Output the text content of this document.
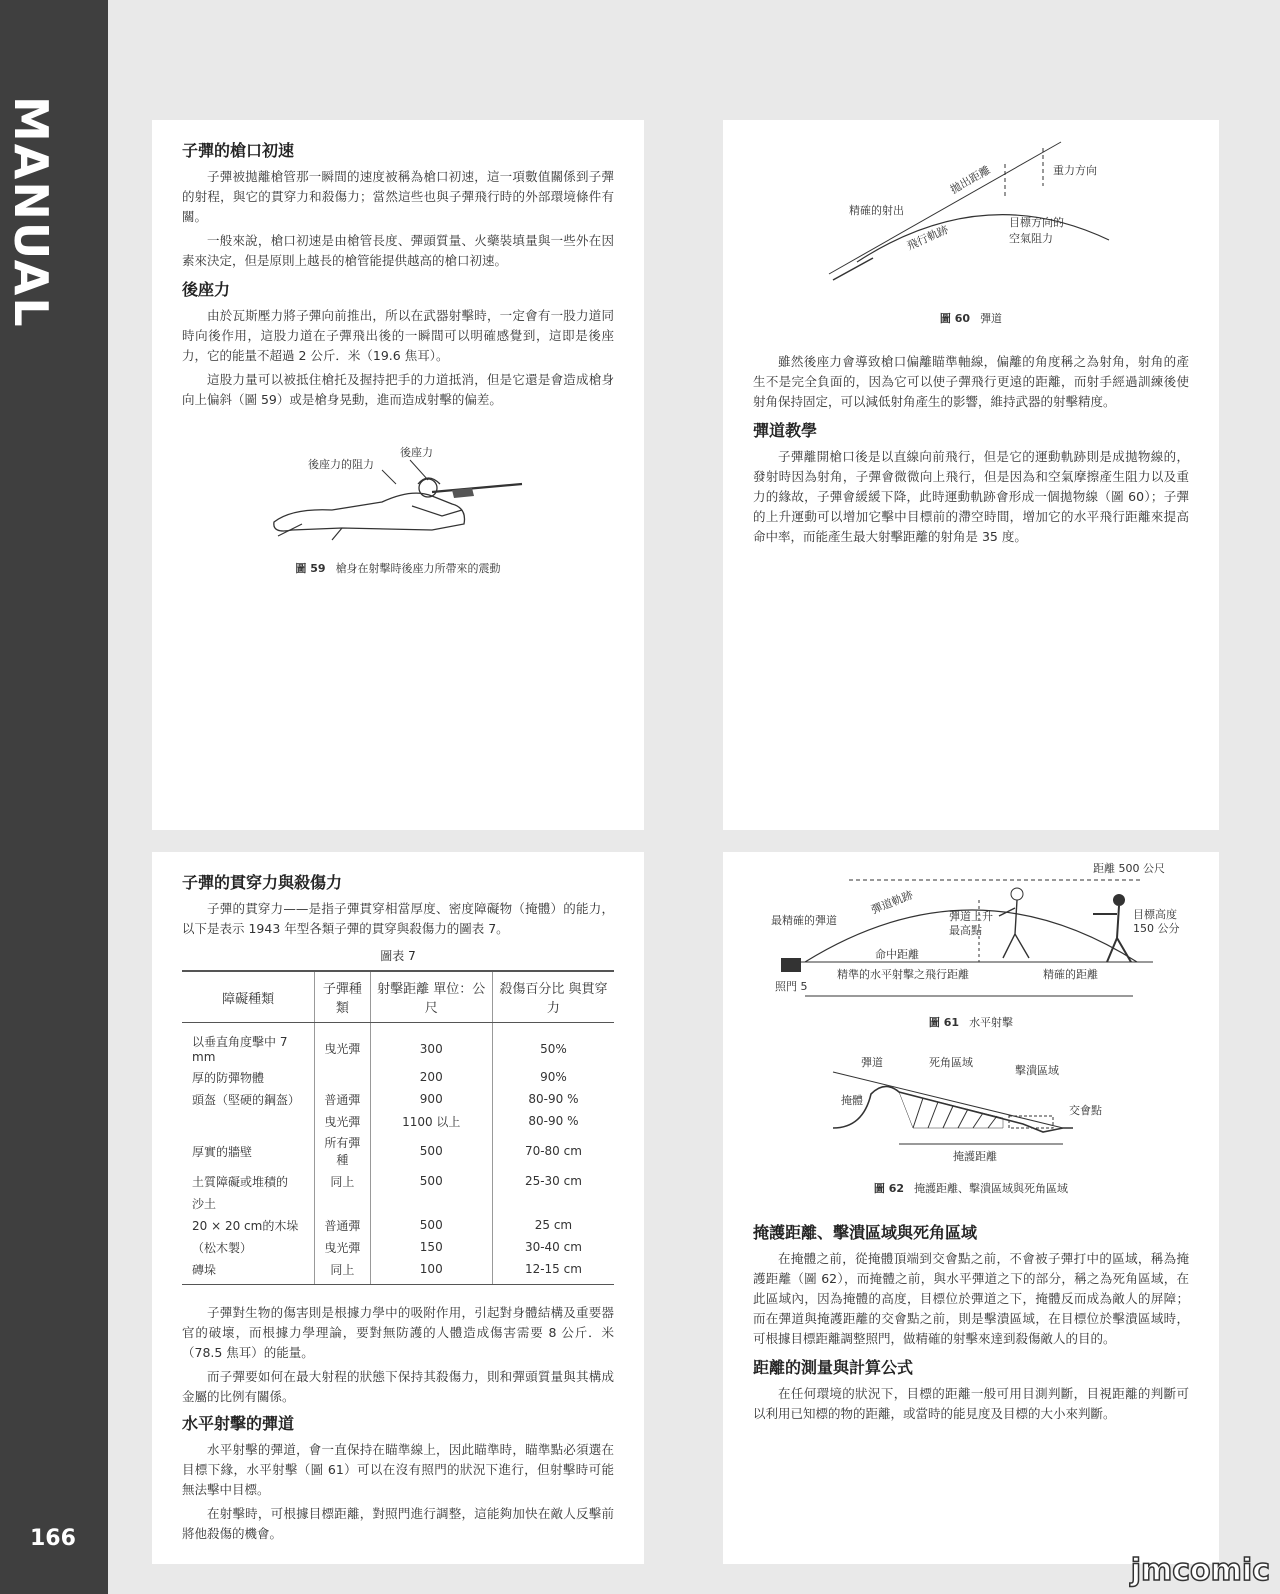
MANUAL
166
子彈的槍口初速

子彈被拋離槍管那一瞬間的速度被稱為槍口初速，這一項數值關係到子彈的射程，與它的貫穿力和殺傷力；當然這些也與子彈飛行時的外部環境條件有關。

一般來說，槍口初速是由槍管長度、彈頭質量、火藥裝填量與一些外在因素來決定，但是原則上越長的槍管能提供越高的槍口初速。

後座力

由於瓦斯壓力將子彈向前推出，所以在武器射擊時，一定會有一股力道同時向後作用，這股力道在子彈飛出後的一瞬間可以明確感覺到，這即是後座力，它的能量不超過 2 公斤．米（19.6 焦耳）。

這股力量可以被抵住槍托及握持把手的力道抵消，但是它還是會造成槍身向上偏斜（圖 59）或是槍身晃動，進而造成射擊的偏差。

後座力的阻力
後座力
圖 59 槍身在射擊時後座力所帶來的震動
拋出距離	重力方向
精確的射出
目標方向的
空氣阻力
飛行軌跡
圖 60 彈道

雖然後座力會導致槍口偏離瞄準軸線，偏離的角度稱之為射角，射角的產生不是完全負面的，因為它可以使子彈飛行更遠的距離，而射手經過訓練後使射角保持固定，可以減低射角產生的影響，維持武器的射擊精度。

彈道教學

子彈離開槍口後是以直線向前飛行，但是它的運動軌跡則是成拋物線的，發射時因為射角，子彈會微微向上飛行，但是因為和空氣摩擦產生阻力以及重力的緣故，子彈會緩緩下降，此時運動軌跡會形成一個拋物線（圖 60）；子彈的上升運動可以增加它擊中目標前的滯空時間，增加它的水平飛行距離來提高命中率，而能產生最大射擊距離的射角是 35 度。

子彈的貫穿力與殺傷力

子彈的貫穿力——是指子彈貫穿相當厚度、密度障礙物（掩體）的能力，以下是表示 1943 年型各類子彈的貫穿與殺傷力的圖表 7。

圖表 7
障礙種類	子彈種類	射擊距離 單位：公尺	殺傷百分比 與貫穿力
以垂直角度擊中 7 mm	曳光彈	300	50%
厚的防彈物體		200	90%
頭盔（堅硬的鋼盔）	普通彈	900	80-90 %
	曳光彈	1100 以上	80-90 %
厚實的牆壁	所有彈種	500	70-80 cm
土質障礙或堆積的	同上	500	25-30 cm
沙土			
20 × 20 cm的木垛	普通彈	500	25 cm
（松木製）	曳光彈	150	30-40 cm
磚垛	同上	100	12-15 cm

子彈對生物的傷害則是根據力學中的吸附作用，引起對身體結構及重要器官的破壞，而根據力學理論，要對無防護的人體造成傷害需要 8 公斤．米（78.5 焦耳）的能量。

而子彈要如何在最大射程的狀態下保持其殺傷力，則和彈頭質量與其構成金屬的比例有關係。

水平射擊的彈道

水平射擊的彈道，會一直保持在瞄準線上，因此瞄準時，瞄準點必須選在目標下緣，水平射擊（圖 61）可以在沒有照門的狀況下進行，但射擊時可能無法擊中目標。

在射擊時，可根據目標距離，對照門進行調整，這能夠加快在敵人反擊前將他殺傷的機會。

距離 500 公尺
彈道軌跡
最精確的彈道	彈道上升
最高點
目標高度
150 公分
命中距離
精準的水平射擊之飛行距離	精確的距離
照門 5
圖 61 水平射擊
彈道	死角區域
擊潰區域
掩體
交會點
掩護距離
圖 62 掩護距離、擊潰區域與死角區域
掩護距離、擊潰區域與死角區域

在掩體之前，從掩體頂端到交會點之前，不會被子彈打中的區域，稱為掩護距離（圖 62），而掩體之前，與水平彈道之下的部分，稱之為死角區域，在此區域內，因為掩體的高度，目標位於彈道之下，掩體反而成為敵人的屏障；而在彈道與掩護距離的交會點之前，則是擊潰區域，在目標位於擊潰區域時，可根據目標距離調整照門，做精確的射擊來達到殺傷敵人的目的。

距離的測量與計算公式

在任何環境的狀況下，目標的距離一般可用目測判斷，目視距離的判斷可以利用已知標的物的距離，或當時的能見度及目標的大小來判斷。

jmcomic
